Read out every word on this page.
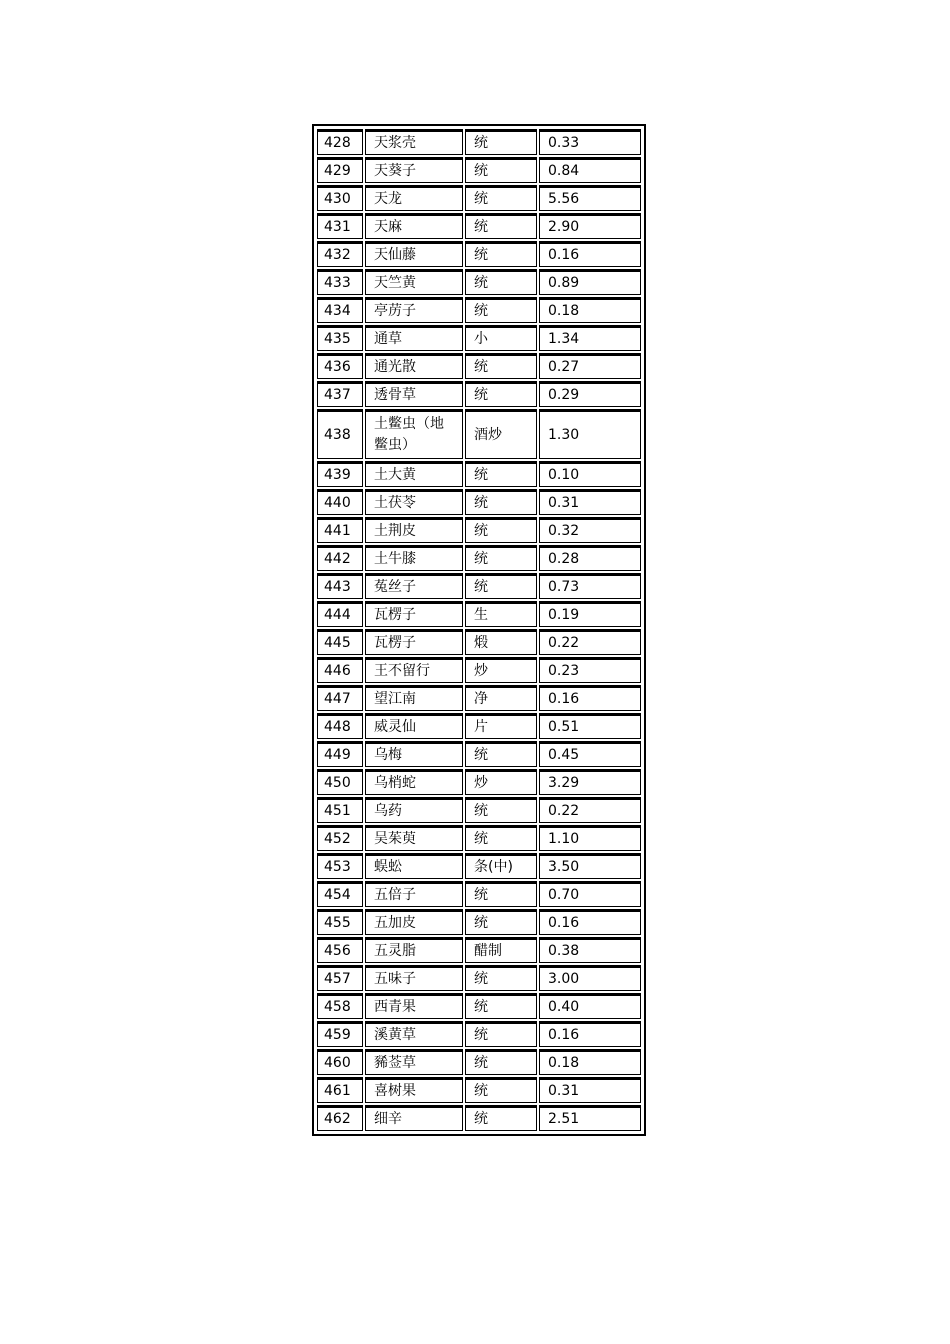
428	天浆壳	统	0.33
429	天葵子	统	0.84
430	天龙	统	5.56
431	天麻	统	2.90
432	天仙藤	统	0.16
433	天竺黄	统	0.89
434	亭苈子	统	0.18
435	通草	小	1.34
436	通光散	统	0.27
437	透骨草	统	0.29
438	土鳖虫（地鳖虫）	酒炒	1.30
439	土大黄	统	0.10
440	土茯苓	统	0.31
441	土荆皮	统	0.32
442	土牛膝	统	0.28
443	菟丝子	统	0.73
444	瓦楞子	生	0.19
445	瓦楞子	煅	0.22
446	王不留行	炒	0.23
447	望江南	净	0.16
448	威灵仙	片	0.51
449	乌梅	统	0.45
450	乌梢蛇	炒	3.29
451	乌药	统	0.22
452	吴茱萸	统	1.10
453	蜈蚣	条(中)	3.50
454	五倍子	统	0.70
455	五加皮	统	0.16
456	五灵脂	醋制	0.38
457	五味子	统	3.00
458	西青果	统	0.40
459	溪黄草	统	0.16
460	豨莶草	统	0.18
461	喜树果	统	0.31
462	细辛	统	2.51
